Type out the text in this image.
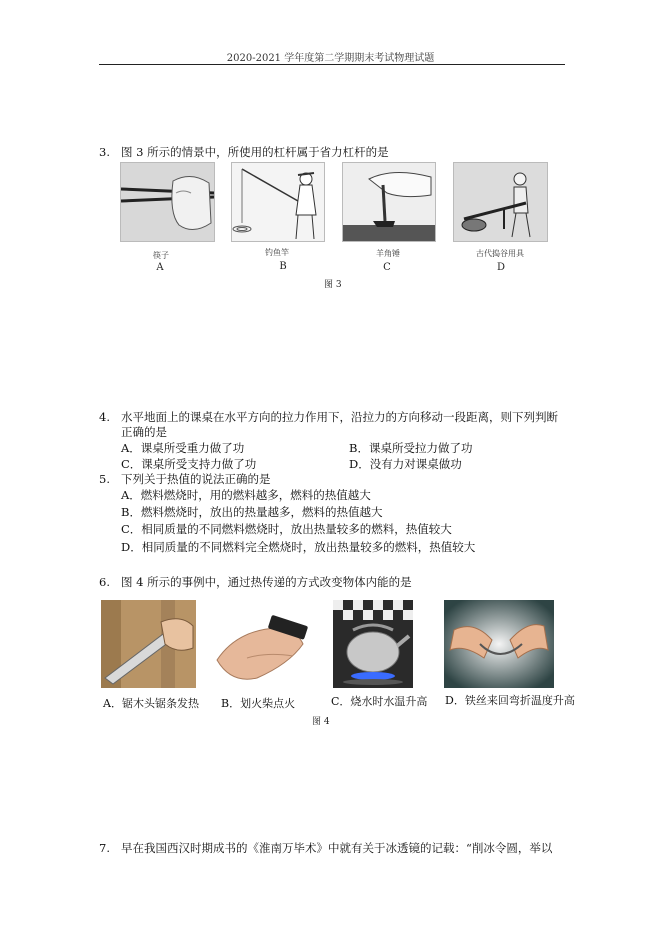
2020-2021 学年度第二学期期末考试物理试题
3. 图 3 所示的情景中，所使用的杠杆属于省力杠杆的是
筷子	钓鱼竿	羊角锤	古代捣谷用具
A	B	C	D
图 3
4. 水平地面上的课桌在水平方向的拉力作用下，沿拉力的方向移动一段距离，则下列判断
正确的是
A．课桌所受重力做了功	B．课桌所受拉力做了功
C．课桌所受支持力做了功	D．没有力对课桌做功
5. 下列关于热值的说法正确的是
A．燃料燃烧时，用的燃料越多，燃料的热值越大
B．燃料燃烧时，放出的热量越多，燃料的热值越大
C．相同质量的不同燃料燃烧时，放出热量较多的燃料，热值较大
D．相同质量的不同燃料完全燃烧时，放出热量较多的燃料，热值较大
6. 图 4 所示的事例中，通过热传递的方式改变物体内能的是
A．锯木头锯条发热 B．划火柴点火	C．烧水时水温升高 D．铁丝来回弯折温度升高
图 4
7. 早在我国西汉时期成书的《淮南万毕术》中就有关于冰透镜的记载：“削冰令圆，举以
